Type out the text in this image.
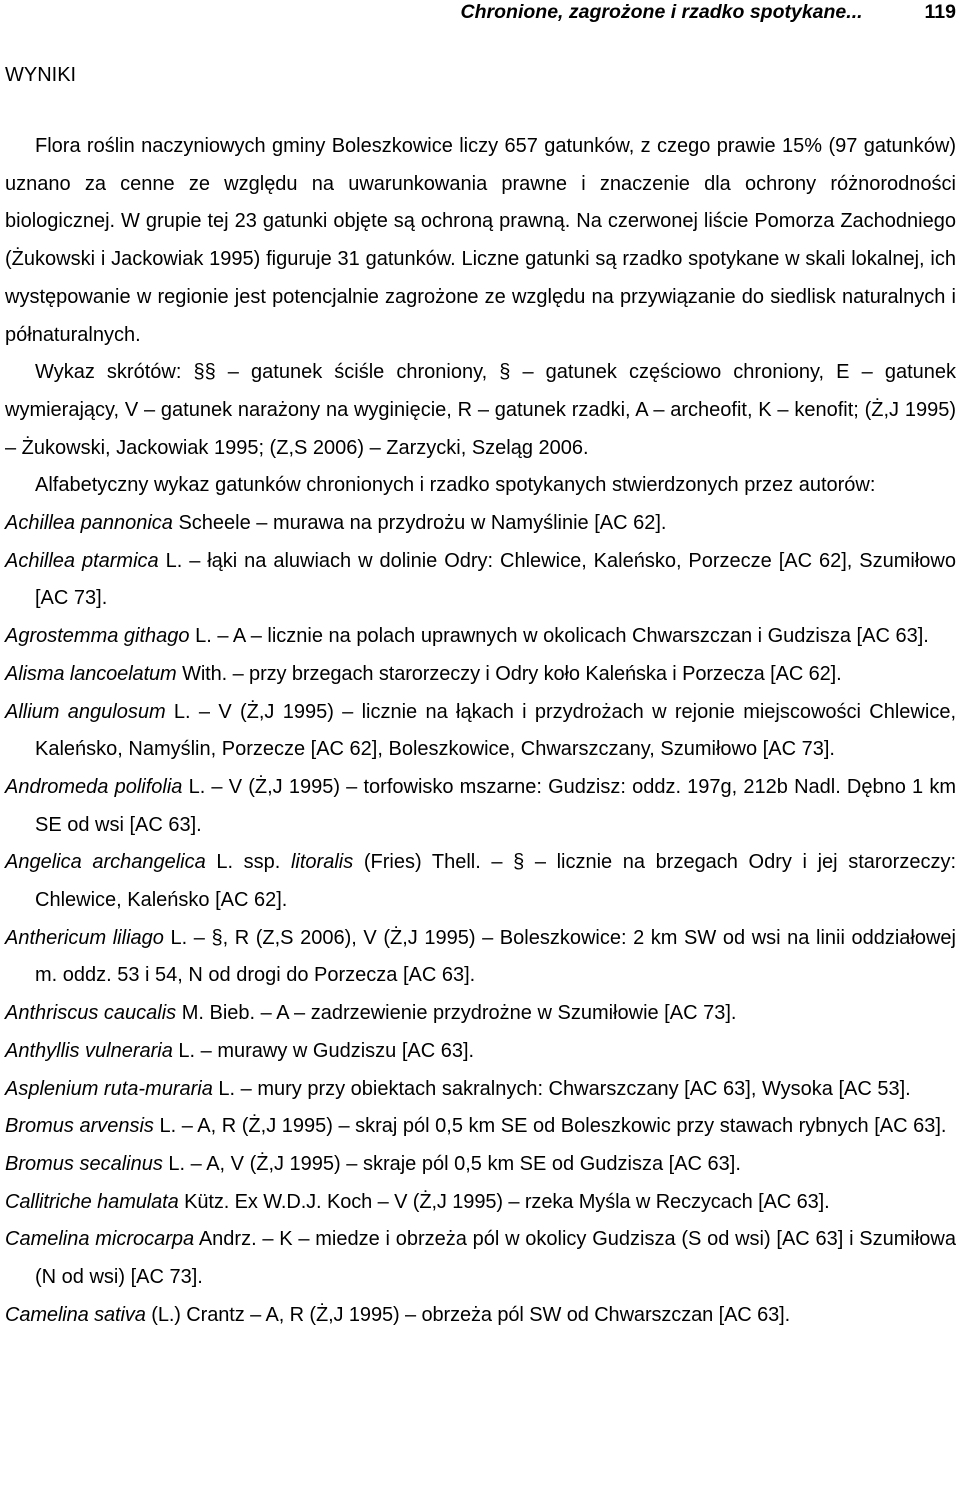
Chronione, zagrożone i rzadko spotykane...	119
WYNIKI

Flora roślin naczyniowych gminy Boleszkowice liczy 657 gatunków, z czego prawie 15% (97 gatunków) uznano za cenne ze względu na uwarunkowania prawne i znaczenie dla ochrony różnorodności biologicznej. W grupie tej 23 gatunki objęte są ochroną prawną. Na czerwonej liście Pomorza Zachodniego (Żukowski i Jackowiak 1995) figuruje 31 gatunków. Liczne gatunki są rzadko spotykane w skali lokalnej, ich występowanie w regionie jest potencjalnie zagrożone ze względu na przywiązanie do siedlisk naturalnych i półnaturalnych.

Wykaz skrótów: §§ – gatunek ściśle chroniony, § – gatunek częściowo chroniony, E – gatunek wymierający, V – gatunek narażony na wyginięcie, R – gatunek rzadki, A – archeofit, K – kenofit; (Ż,J 1995) – Żukowski, Jackowiak 1995; (Z,S 2006) – Zarzycki, Szeląg 2006.

Alfabetyczny wykaz gatunków chronionych i rzadko spotykanych stwierdzonych przez autorów:

Achillea pannonica Scheele – murawa na przydrożu w Namyślinie [AC 62].

Achillea ptarmica L. – łąki na aluwiach w dolinie Odry: Chlewice, Kaleńsko, Porzecze [AC 62], Szumiłowo [AC 73].

Agrostemma githago L. – A – licznie na polach uprawnych w okolicach Chwarszczan i Gudzisza [AC 63].

Alisma lancoelatum With. – przy brzegach starorzeczy i Odry koło Kaleńska i Porzecza [AC 62].

Allium angulosum L. – V (Ż,J 1995) – licznie na łąkach i przydrożach w rejonie miejscowości Chlewice, Kaleńsko, Namyślin, Porzecze [AC 62], Boleszkowice, Chwarszczany, Szumiłowo [AC 73].

Andromeda polifolia L. – V (Ż,J 1995) – torfowisko mszarne: Gudzisz: oddz. 197g, 212b Nadl. Dębno 1 km SE od wsi [AC 63].

Angelica archangelica L. ssp. litoralis (Fries) Thell. – § – licznie na brzegach Odry i jej starorzeczy: Chlewice, Kaleńsko [AC 62].

Anthericum liliago L. – §, R (Z,S 2006), V (Ż,J 1995) – Boleszkowice: 2 km SW od wsi na linii oddziałowej m. oddz. 53 i 54, N od drogi do Porzecza [AC 63].

Anthriscus caucalis M. Bieb. – A – zadrzewienie przydrożne w Szumiłowie [AC 73].

Anthyllis vulneraria L. – murawy w Gudziszu [AC 63].

Asplenium ruta-muraria L. – mury przy obiektach sakralnych: Chwarszczany [AC 63], Wysoka [AC 53].

Bromus arvensis L. – A, R (Ż,J 1995) – skraj pól 0,5 km SE od Boleszkowic przy stawach rybnych [AC 63].

Bromus secalinus L. – A, V (Ż,J 1995) – skraje pól 0,5 km SE od Gudzisza [AC 63].

Callitriche hamulata Kütz. Ex W.D.J. Koch – V (Ż,J 1995) – rzeka Myśla w Reczycach [AC 63].

Camelina microcarpa Andrz. – K – miedze i obrzeża pól w okolicy Gudzisza (S od wsi) [AC 63] i Szumiłowa (N od wsi) [AC 73].

Camelina sativa (L.) Crantz – A, R (Ż,J 1995) – obrzeża pól SW od Chwarszczan [AC 63].
